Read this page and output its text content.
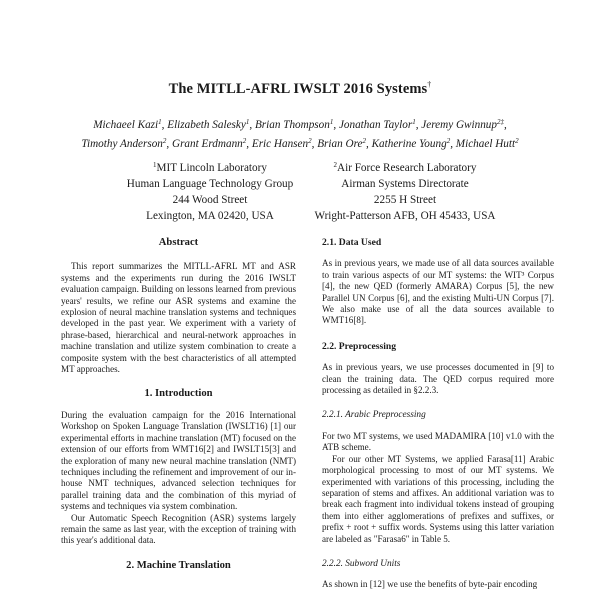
The MITLL-AFRL IWSLT 2016 Systems†
Michaeel Kazi$^1$, Elizabeth Salesky$^1$, Brian Thompson$^1$, Jonathan Taylor$^1$, Jeremy Gwinnup$^{2\ddagger}$,
Timothy Anderson$^2$, Grant Erdmann$^2$, Eric Hansen$^2$, Brian Ore$^2$, Katherine Young$^2$, Michael Hutt$^2$
$^1$MIT Lincoln Laboratory
Human Language Technology Group
244 Wood Street
Lexington, MA 02420, USA
$^2$Air Force Research Laboratory
Airman Systems Directorate
2255 H Street
Wright-Patterson AFB, OH 45433, USA
Abstract

This report summarizes the MITLL-AFRL MT and ASR systems and the experiments run during the 2016 IWSLT evaluation campaign. Building on lessons learned from previous years' results, we refine our ASR systems and examine the explosion of neural machine translation systems and techniques developed in the past year. We experiment with a variety of phrase-based, hierarchical and neural-network approaches in machine translation and utilize system combination to create a composite system with the best characteristics of all attempted MT approaches.

1. Introduction

During the evaluation campaign for the 2016 International Workshop on Spoken Language Translation (IWSLT16) [1] our experimental efforts in machine translation (MT) focused on the extension of our efforts from WMT16[2] and IWSLT15[3] and the exploration of many new neural machine translation (NMT) techniques including the refinement and improvement of our in-house NMT techniques, advanced selection techniques for parallel training data and the combination of this myriad of systems and techniques via system combination.

Our Automatic Speech Recognition (ASR) systems largely remain the same as last year, with the exception of training with this year's additional data.

2. Machine Translation
2.1. Data Used

As in previous years, we made use of all data sources available to train various aspects of our MT systems: the WIT³ Corpus [4], the new QED (formerly AMARA) Corpus [5], the new Parallel UN Corpus [6], and the existing Multi-UN Corpus [7]. We also make use of all the data sources available to WMT16[8].

2.2. Preprocessing

As in previous years, we use processes documented in [9] to clean the training data. The QED corpus required more processing as detailed in §2.2.3.

2.2.1. Arabic Preprocessing

For two MT systems, we used MADAMIRA [10] v1.0 with the ATB scheme.

For our other MT Systems, we applied Farasa[11] Arabic morphological processing to most of our MT systems. We experimented with variations of this processing, including the separation of stems and affixes. An additional variation was to break each fragment into individual tokens instead of grouping them into either agglomerations of prefixes and suffixes, or prefix + root + suffix words. Systems using this latter variation are labeled as "Farasa6" in Table 5.

2.2.2. Subword Units

As shown in [12] we use the benefits of byte-pair encoding
